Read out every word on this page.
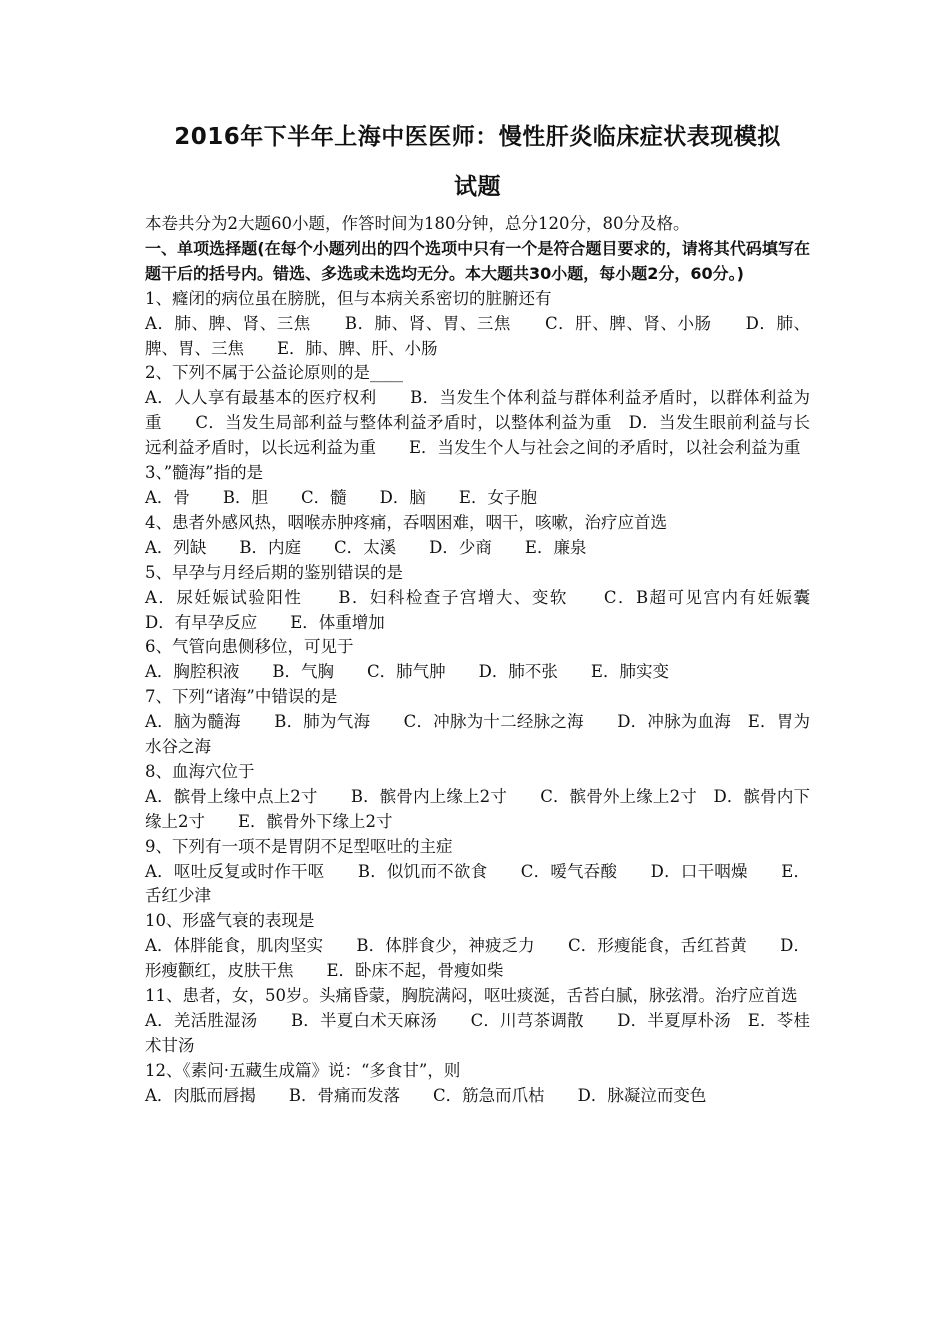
2016年下半年上海中医医师：慢性肝炎临床症状表现模拟
试题

本卷共分为2大题60小题，作答时间为180分钟，总分120分，80分及格。

一、单项选择题(在每个小题列出的四个选项中只有一个是符合题目要求的，请将其代码填写在题干后的括号内。错选、多选或未选均无分。本大题共30小题，每小题2分，60分。)

1、癃闭的病位虽在膀胱，但与本病关系密切的脏腑还有

A．肺、脾、肾、三焦　　B．肺、肾、胃、三焦　　C．肝、脾、肾、小肠　　D．肺、脾、胃、三焦　　E．肺、脾、肝、小肠

2、下列不属于公益论原则的是____

A．人人享有最基本的医疗权利　　B．当发生个体利益与群体利益矛盾时，以群体利益为重　　C．当发生局部利益与整体利益矛盾时，以整体利益为重　D．当发生眼前利益与长远利益矛盾时，以长远利益为重　　E．当发生个人与社会之间的矛盾时，以社会利益为重

3、”髓海”指的是

A．骨　　B．胆　　C．髓　　D．脑　　E．女子胞

4、患者外感风热，咽喉赤肿疼痛，吞咽困难，咽干，咳嗽，治疗应首选

A．列缺　　B．内庭　　C．太溪　　D．少商　　E．廉泉

5、早孕与月经后期的鉴别错误的是

A．尿妊娠试验阳性　　B．妇科检查子宫增大、变软　　C．B超可见宫内有妊娠囊　　D．有早孕反应　　E．体重增加

6、气管向患侧移位，可见于

A．胸腔积液　　B．气胸　　C．肺气肿　　D．肺不张　　E．肺实变

7、下列“诸海”中错误的是

A．脑为髓海　　B．肺为气海　　C．冲脉为十二经脉之海　　D．冲脉为血海　E．胃为水谷之海

8、血海穴位于

A．髌骨上缘中点上2寸　　B．髌骨内上缘上2寸　　C．髌骨外上缘上2寸　D．髌骨内下缘上2寸　　E．髌骨外下缘上2寸

9、下列有一项不是胃阴不足型呕吐的主症

A．呕吐反复或时作干呕　　B．似饥而不欲食　　C．嗳气吞酸　　D．口干咽燥　　E．舌红少津

10、形盛气衰的表现是

A．体胖能食，肌肉坚实　　B．体胖食少，神疲乏力　　C．形瘦能食，舌红苔黄　　D．形瘦颧红，皮肤干焦　　E．卧床不起，骨瘦如柴

11、患者，女，50岁。头痛昏蒙，胸脘满闷，呕吐痰涎，舌苔白腻，脉弦滑。治疗应首选

A．羌活胜湿汤　　B．半夏白术天麻汤　　C．川芎茶调散　　D．半夏厚朴汤　E．苓桂术甘汤

12、《素问·五藏生成篇》说：“多食甘”，则

A．肉胝而唇揭　　B．骨痛而发落　　C．筋急而爪枯　　D．脉凝泣而变色
